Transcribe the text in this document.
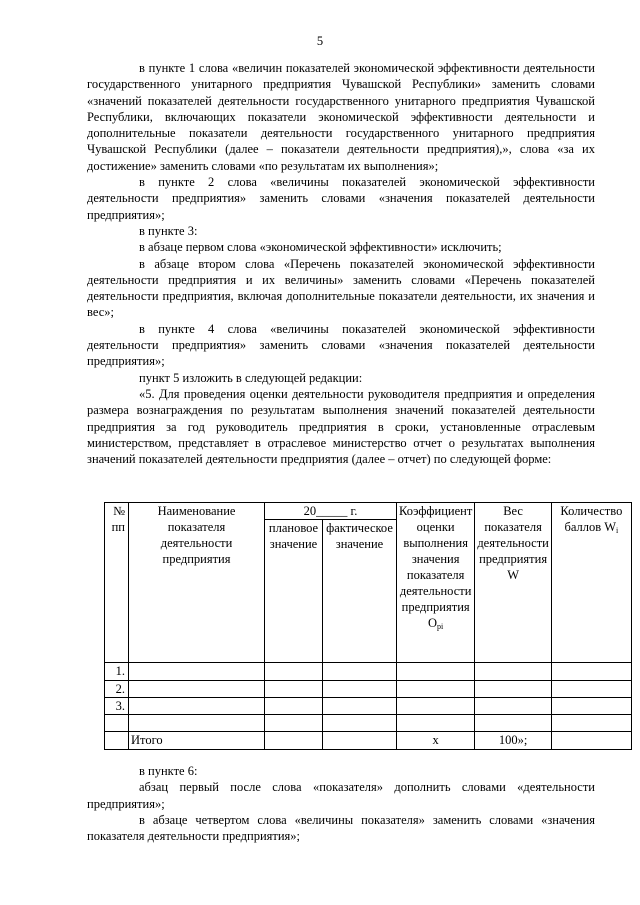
5

в пункте 1 слова «величин показателей экономической эффективности деятельности государственного унитарного предприятия Чувашской Республики» заменить словами «значений показателей деятельности государственного унитарного предприятия Чувашской Республики, включающих показатели экономической эффективности деятельности и дополнительные показатели деятельности государственного унитарного предприятия Чувашской Республики (далее – показатели деятельности предприятия),», слова «за их достижение» заменить словами «по результатам их выполнения»;

в пункте 2 слова «величины показателей экономической эффективности деятельности предприятия» заменить словами «значения показателей деятельности предприятия»;

в пункте 3:

в абзаце первом слова «экономической эффективности» исключить;

в абзаце втором слова «Перечень показателей экономической эффективности деятельности предприятия и их величины» заменить словами «Перечень показателей деятельности предприятия, включая дополнительные показатели деятельности, их значения и вес»;

в пункте 4 слова «величины показателей экономической эффективности деятельности предприятия» заменить словами «значения показателей деятельности предприятия»;

пункт 5 изложить в следующей редакции:

«5. Для проведения оценки деятельности руководителя предприятия и определения размера вознаграждения по результатам выполнения значений показателей деятельности предприятия за год руководитель предприятия в сроки, установленные отраслевым министерством, представляет в отраслевое министерство отчет о результатах выполнения значений показателей деятельности предприятия (далее – отчет) по следующей форме:

№ пп	Наименование показателя деятельности предприятия	20_____ г.		Коэффициент оценки выполнения значения показателя деятельности предприятия $О_{pi}$	Вес показателя деятельности предприятия W	Количество баллов $W_i$
		плановое значение	фактическое значение			
1.						
2.						
3.						

	Итого			х	100»;	

в пункте 6:

абзац первый после слова «показателя» дополнить словами «деятельности предприятия»;

в абзаце четвертом слова «величины показателя» заменить словами «значения показателя деятельности предприятия»;
